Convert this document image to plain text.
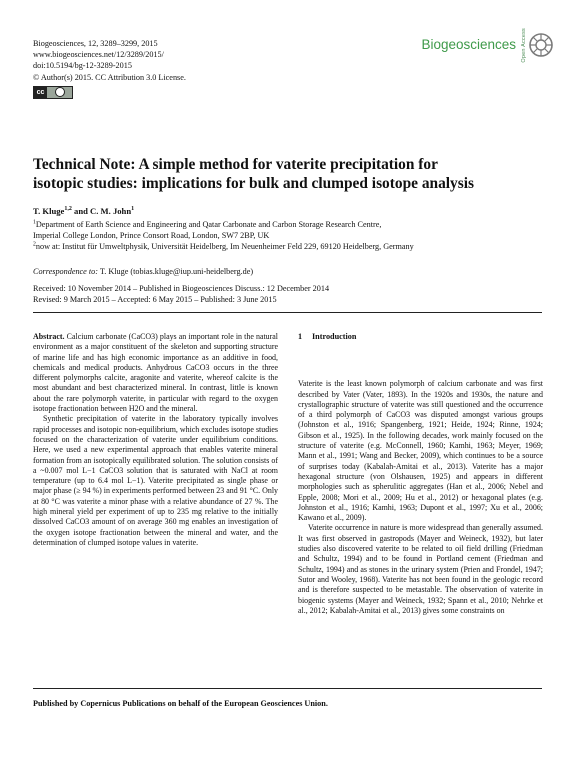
Biogeosciences, 12, 3289–3299, 2015
www.biogeosciences.net/12/3289/2015/
doi:10.5194/bg-12-3289-2015
© Author(s) 2015. CC Attribution 3.0 License.
cc
Biogeosciences Open Access
Technical Note: A simple method for vaterite precipitation for
isotopic studies: implications for bulk and clumped isotope analysis
T. Kluge$^{1,2}$ and C. M. John$^1$
$^1$Department of Earth Science and Engineering and Qatar Carbonate and Carbon Storage Research Centre,
Imperial College London, Prince Consort Road, London, SW7 2BP, UK
$^2$now at: Institut für Umweltphysik, Universität Heidelberg, Im Neuenheimer Feld 229, 69120 Heidelberg, Germany
Correspondence to: T. Kluge (tobias.kluge@iup.uni-heidelberg.de)
Received: 10 November 2014 – Published in Biogeosciences Discuss.: 12 December 2014
Revised: 9 March 2015 – Accepted: 6 May 2015 – Published: 3 June 2015

Abstract. Calcium carbonate (CaCO3) plays an important role in the natural environment as a major constituent of the skeleton and supporting structure of marine life and has high economic importance as an additive in food, chemicals and medical products. Anhydrous CaCO3 occurs in the three different polymorphs calcite, aragonite and vaterite, whereof calcite is the most abundant and best characterized mineral. In contrast, little is known about the rare polymorph vaterite, in particular with regard to the oxygen isotope fractionation between H2O and the mineral.

Synthetic precipitation of vaterite in the laboratory typically involves rapid processes and isotopic non-equilibrium, which excludes isotope studies focused on the characterization of vaterite under equilibrium conditions. Here, we used a new experimental approach that enables vaterite mineral formation from an isotopically equilibrated solution. The solution consists of a ~0.007 mol L−1 CaCO3 solution that is saturated with NaCl at room temperature (up to 6.4 mol L−1). Vaterite precipitated as single phase or major phase (≥ 94 %) in experiments performed between 23 and 91 °C. Only at 80 °C was vaterite a minor phase with a relative abundance of 27 %. The high mineral yield per experiment of up to 235 mg relative to the initially dissolved CaCO3 amount of on average 360 mg enables an investigation of the oxygen isotope fractionation between the mineral and water, and the determination of clumped isotope values in vaterite.

1 Introduction

Vaterite is the least known polymorph of calcium carbonate and was first described by Vater (Vater, 1893). In the 1920s and 1930s, the nature and crystallographic structure of vaterite was still questioned and the occurrence of a third polymorph of CaCO3 was disputed amongst various groups (Johnston et al., 1916; Spangenberg, 1921; Heide, 1924; Rinne, 1924; Gibson et al., 1925). In the following decades, work mainly focused on the structure of vaterite (e.g. McConnell, 1960; Kamhi, 1963; Meyer, 1969; Mann et al., 1991; Wang and Becker, 2009), which continues to be a source of surprises today (Kabalah-Amitai et al., 2013). Vaterite has a major hexagonal structure (von Olshausen, 1925) and appears in different morphologies such as spherulitic aggregates (Han et al., 2006; Nebel and Epple, 2008; Mori et al., 2009; Hu et al., 2012) or hexagonal plates (e.g. Johnston et al., 1916; Kamhi, 1963; Dupont et al., 1997; Xu et al., 2006; Kawano et al., 2009).

Vaterite occurrence in nature is more widespread than generally assumed. It was first observed in gastropods (Mayer and Weineck, 1932), but later studies also discovered vaterite to be related to oil field drilling (Friedman and Schultz, 1994) and to be found in Portland cement (Friedman and Schultz, 1994) and as stones in the urinary system (Prien and Frondel, 1947; Sutor and Wooley, 1968). Vaterite has not been found in the geologic record and is therefore suspected to be metastable. The observation of vaterite in biogenic systems (Mayer and Weineck, 1932; Spann et al., 2010; Nehrke et al., 2012; Kabalah-Amitai et al., 2013) gives some constraints on

Published by Copernicus Publications on behalf of the European Geosciences Union.
